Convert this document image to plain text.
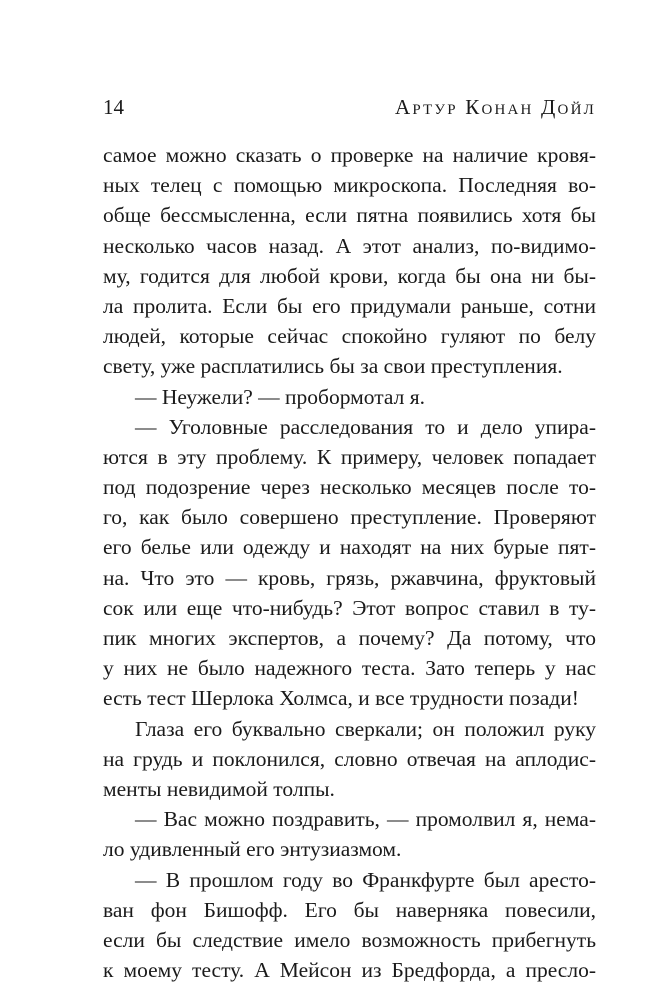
14	Артур Конан Дойл
самое можно сказать о проверке на наличие кровя-
ных телец с помощью микроскопа. Последняя во-
обще бессмысленна, если пятна появились хотя бы
несколько часов назад. А этот анализ, по-видимо-
му, годится для любой крови, когда бы она ни бы-
ла пролита. Если бы его придумали раньше, сотни
людей, которые сейчас спокойно гуляют по белу
свету, уже расплатились бы за свои преступления.
— Неужели? — пробормотал я.
— Уголовные расследования то и дело упира-
ются в эту проблему. К примеру, человек попадает
под подозрение через несколько месяцев после то-
го, как было совершено преступление. Проверяют
его белье или одежду и находят на них бурые пят-
на. Что это — кровь, грязь, ржавчина, фруктовый
сок или еще что-нибудь? Этот вопрос ставил в ту-
пик многих экспертов, а почему? Да потому, что
у них не было надежного теста. Зато теперь у нас
есть тест Шерлока Холмса, и все трудности позади!
Глаза его буквально сверкали; он положил руку
на грудь и поклонился, словно отвечая на аплодис-
менты невидимой толпы.
— Вас можно поздравить, — промолвил я, нема-
ло удивленный его энтузиазмом.
— В прошлом году во Франкфурте был аресто-
ван фон Бишофф. Его бы наверняка повесили,
если бы следствие имело возможность прибегнуть
к моему тесту. А Мейсон из Бредфорда, а пресло-
